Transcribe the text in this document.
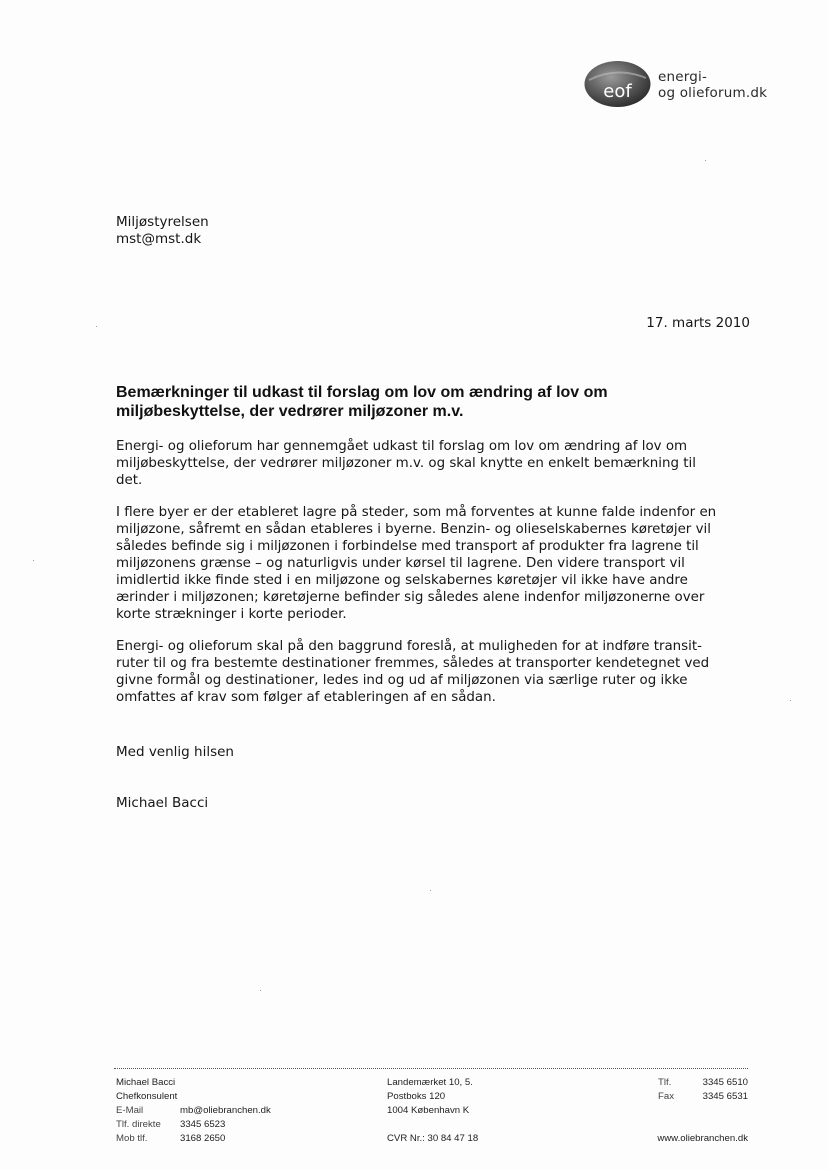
eof
energi-
og olieforum.dk
Miljøstyrelsen
mst@mst.dk
17. marts 2010
Bemærkninger til udkast til forslag om lov om ændring af lov om
miljøbeskyttelse, der vedrører miljøzoner m.v.

Energi- og olieforum har gennemgået udkast til forslag om lov om ændring af lov om
miljøbeskyttelse, der vedrører miljøzoner m.v. og skal knytte en enkelt bemærkning til
det.

I flere byer er der etableret lagre på steder, som må forventes at kunne falde indenfor en
miljøzone, såfremt en sådan etableres i byerne. Benzin- og olieselskabernes køretøjer vil
således befinde sig i miljøzonen i forbindelse med transport af produkter fra lagrene til
miljøzonens grænse – og naturligvis under kørsel til lagrene. Den videre transport vil
imidlertid ikke finde sted i en miljøzone og selskabernes køretøjer vil ikke have andre
ærinder i miljøzonen; køretøjerne befinder sig således alene indenfor miljøzonerne over
korte strækninger i korte perioder.

Energi- og olieforum skal på den baggrund foreslå, at muligheden for at indføre transit-
ruter til og fra bestemte destinationer fremmes, således at transporter kendetegnet ved
givne formål og destinationer, ledes ind og ud af miljøzonen via særlige ruter og ikke
omfattes af krav som følger af etableringen af en sådan.

Med venlig hilsen
Michael Bacci
Michael Bacci
Chefkonsulent
E-Mail	mb@oliebranchen.dk
Tlf. direkte 3345 6523
Mob tlf.	3168 2650
Landemærket 10, 5.
Postboks 120
1004 København K
CVR Nr.: 30 84 47 18
Tlf.	3345 6510
Fax	3345 6531
www.oliebranchen.dk
